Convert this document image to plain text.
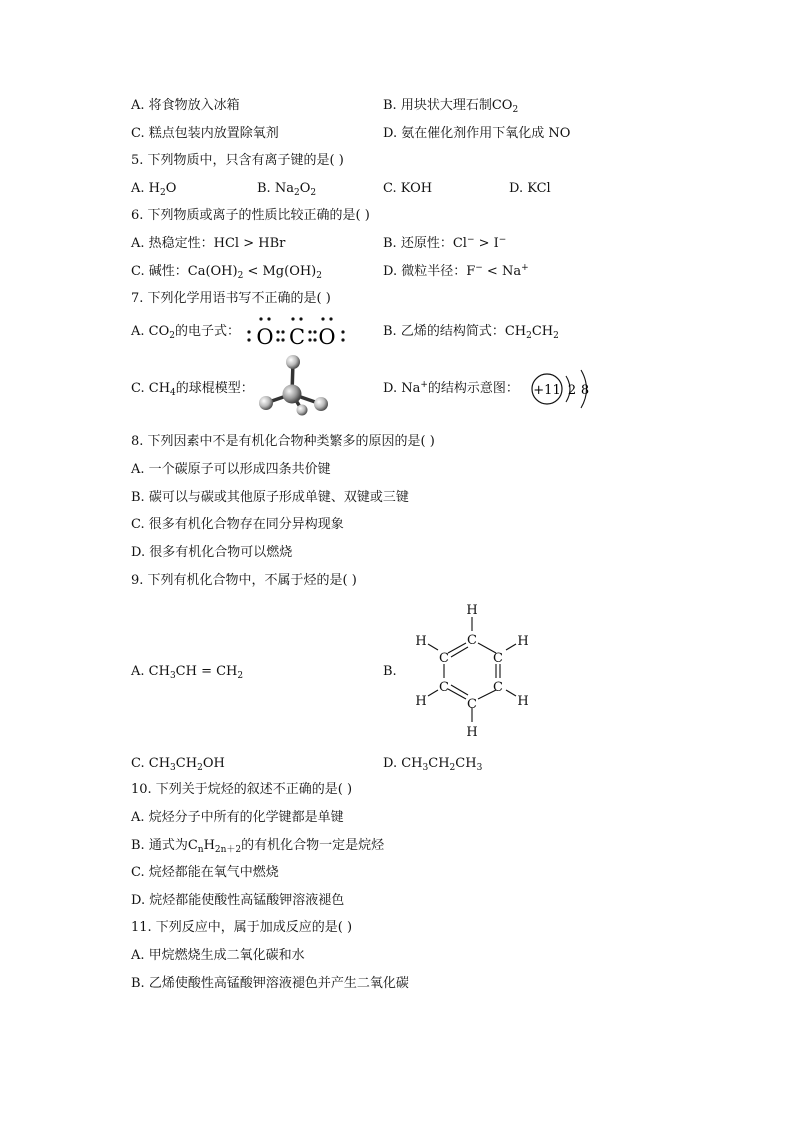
A. 将食物放入冰箱	B. 用块状大理石制$CO_2$
C. 糕点包装内放置除氧剂	D. 氨在催化剂作用下氧化成 NO
5. 下列物质中，只含有离子键的是( )
A. $H_2O$	B. $Na_2O_2$	C. KOH	D. KCl
6. 下列物质或离子的性质比较正确的是( )
A. 热稳定性：HCl > HBr	B. 还原性：Cl− > I−
C. 碱性：$Ca(OH)_2 < Mg(OH)_2$	D. 微粒半径：F− < Na+
7. 下列化学用语书写不正确的是( )
A. $CO_2$的电子式： O C O	B. 乙烯的结构简式：$CH_2CH_2$
C. $CH_4$的球棍模型：	D. Na+的结构示意图： +11 2 8
8. 下列因素中不是有机化合物种类繁多的原因的是( )
A. 一个碳原子可以形成四条共价键
B. 碳可以与碳或其他原子形成单键、双键或三键
C. 很多有机化合物存在同分异构现象
D. 很多有机化合物可以燃烧
9. 下列有机化合物中，不属于烃的是( )
A. $CH_3CH = CH_2$	B.
H
H
H	H
H	H
C
C
C	C
C	C
C. $CH_3CH_2OH$	D. $CH_3CH_2CH_3$
10. 下列关于烷烃的叙述不正确的是( )
A. 烷烃分子中所有的化学键都是单键
B. 通式为$C_nH_{2n+2}$的有机化合物一定是烷烃
C. 烷烃都能在氧气中燃烧
D. 烷烃都能使酸性高锰酸钾溶液褪色
11. 下列反应中，属于加成反应的是( )
A. 甲烷燃烧生成二氧化碳和水
B. 乙烯使酸性高锰酸钾溶液褪色并产生二氧化碳
